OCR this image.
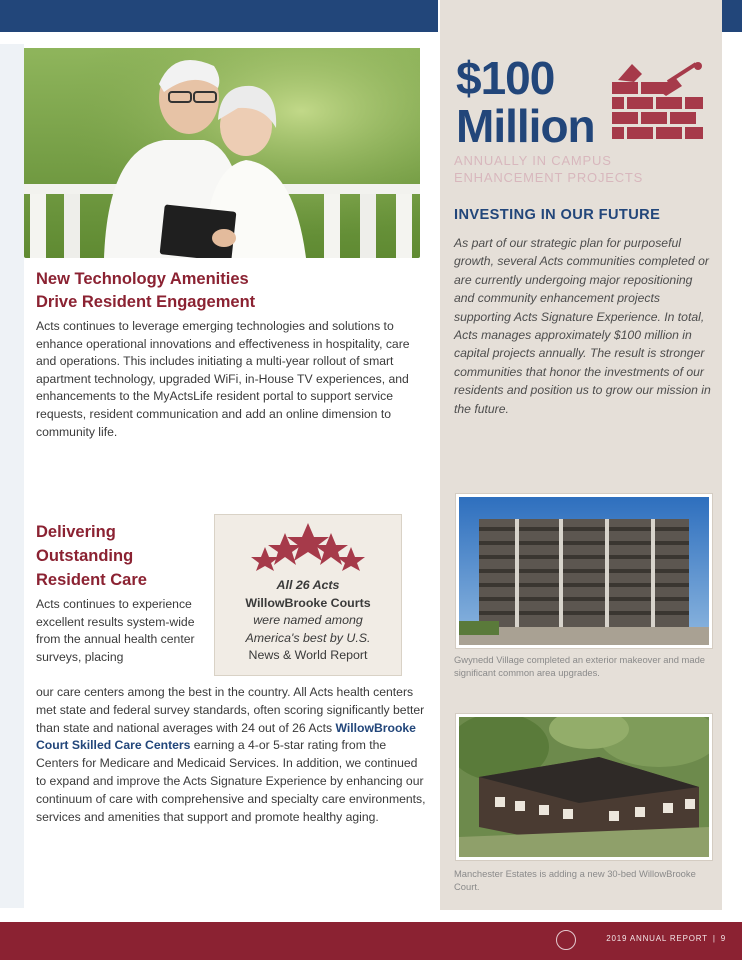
New Technology Amenities
Drive Resident Engagement

Acts continues to leverage emerging technologies and solutions to enhance operational innovations and effectiveness in hospitality, care and operations. This includes initiating a multi-year rollout of smart apartment technology, upgraded WiFi, in-House TV experiences, and enhancements to the MyActsLife resident portal to support service requests, resident communication and add an online dimension to community life.

Delivering
Outstanding
Resident Care

Acts continues to experience excellent results system-wide from the annual health center surveys, placing

our care centers among the best in the country. All Acts health centers met state and federal survey standards, often scoring significantly better than state and national averages with 24 out of 26 Acts WillowBrooke Court Skilled Care Centers earning a 4-or 5-star rating from the Centers for Medicare and Medicaid Services. In addition, we continued to expand and improve the Acts Signature Experience by enhancing our continuum of care with comprehensive and specialty care environments, services and amenities that support and promote healthy aging.

All 26 Acts
WillowBrooke Courts
were named among
America's best by U.S.
News & World Report
$100
Million
ANNUALLY IN CAMPUS
ENHANCEMENT PROJECTS
INVESTING IN OUR FUTURE

As part of our strategic plan for purposeful growth, several Acts communities completed or are currently undergoing major repositioning and community enhancement projects supporting Acts Signature Experience. In total, Acts manages approximately $100 million in capital projects annually. The result is stronger communities that honor the investments of our residents and position us to grow our mission in the future.

Gwynedd Village completed an exterior makeover and made significant common area upgrades.
Manchester Estates is adding a new 30-bed WillowBrooke Court.
2019 ANNUAL REPORT | 9
